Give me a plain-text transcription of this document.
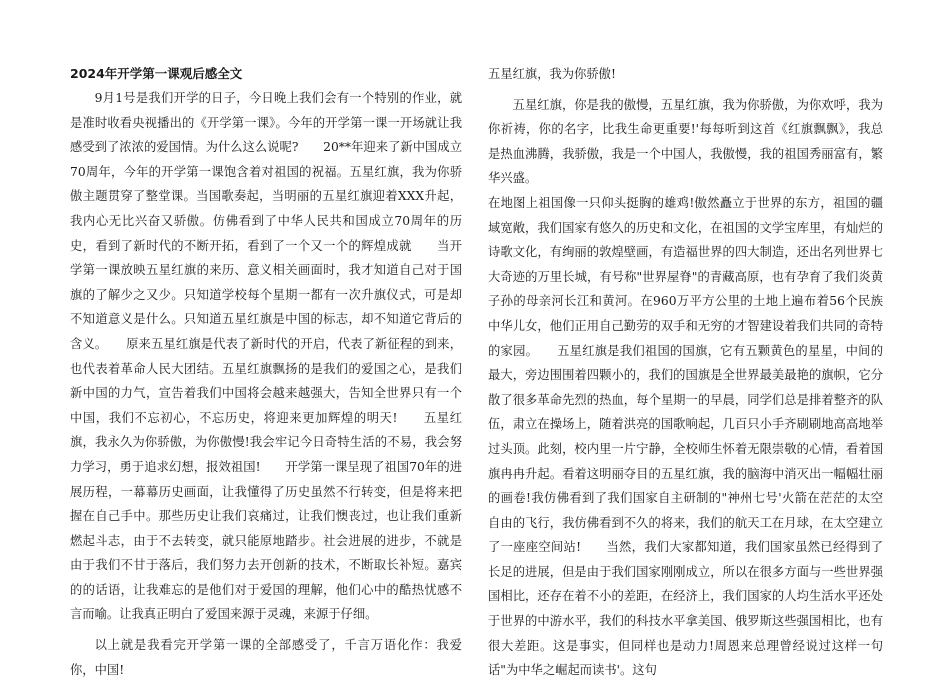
2024年开学第一课观后感全文

9月1号是我们开学的日子，今日晚上我们会有一个特别的作业，就是准时收看央视播出的《开学第一课》。今年的开学第一课一开场就让我感受到了浓浓的爱国情。为什么这么说呢?　　20**年迎来了新中国成立70周年，今年的开学第一课饱含着对祖国的祝福。五星红旗，我为你骄傲主题贯穿了整堂课。当国歌奏起，当明丽的五星红旗迎着XXX升起，我内心无比兴奋又骄傲。仿佛看到了中华人民共和国成立70周年的历史，看到了新时代的不断开拓，看到了一个又一个的辉煌成就　　当开学第一课放映五星红旗的来历、意义相关画面时，我才知道自己对于国旗的了解少之又少。只知道学校每个星期一都有一次升旗仪式，可是却不知道意义是什么。只知道五星红旗是中国的标志，却不知道它背后的含义。　　原来五星红旗是代表了新时代的开启，代表了新征程的到来，也代表着革命人民大团结。五星红旗飘扬的是我们的爱国之心，是我们新中国的力气，宣告着我们中国将会越来越强大，告知全世界只有一个中国，我们不忘初心，不忘历史，将迎来更加辉煌的明天!　　五星红旗，我永久为你骄傲，为你傲慢!我会牢记今日奇特生活的不易，我会努力学习，勇于追求幻想，报效祖国!　　开学第一课呈现了祖国70年的进展历程，一幕幕历史画面，让我懂得了历史虽然不行转变，但是将来把握在自己手中。那些历史让我们哀痛过，让我们懊丧过，也让我们重新燃起斗志，由于不去转变，就只能原地踏步。社会进展的进步，不就是由于我们不甘于落后，我们努力去开创新的技术，不断取长补短。嘉宾的的话语，让我难忘的是他们对于爱国的理解，他们心中的酷热忧感不言而喻。让我真正明白了爱国来源于灵魂，来源于仔细。

以上就是我看完开学第一课的全部感受了，千言万语化作：我爱你，中国!

五星红旗，我为你骄傲!

五星红旗，你是我的傲慢，五星红旗，我为你骄傲，为你欢呼，我为你祈祷，你的名字，比我生命更重要!'每每听到这首《红旗飘飘》，我总是热血沸腾，我骄傲，我是一个中国人，我傲慢，我的祖国秀丽富有，繁华兴盛。

在地图上祖国像一只仰头挺胸的雄鸡!傲然矗立于世界的东方，祖国的疆域宽敞，我们国家有悠久的历史和文化，在祖国的文学宝库里，有灿烂的诗歌文化，有绚丽的敦煌壁画，有造福世界的四大制造，还出名列世界七大奇迹的万里长城，有号称"世界屋脊"的青藏高原，也有孕育了我们炎黄子孙的母亲河长江和黄河。在960万平方公里的土地上遍布着56个民族中华儿女，他们正用自己勤劳的双手和无穷的才智建设着我们共同的奇特的家园。　　五星红旗是我们祖国的国旗，它有五颗黄色的星星，中间的最大，旁边围围着四颗小的，我们的国旗是全世界最美最艳的旗帜，它分散了很多革命先烈的热血，每个星期一的早晨，同学们总是排着整齐的队伍，肃立在操场上，随着洪亮的国歌响起，几百只小手齐刷刷地高高地举过头顶。此刻，校内里一片宁静，全校师生怀着无限崇敬的心情，看着国旗冉冉升起。看着这明丽夺目的五星红旗，我的脑海中消灭出一幅幅壮丽的画卷!我仿佛看到了我们国家自主研制的"神州七号'火箭在茫茫的太空自由的飞行，我仿佛看到不久的将来，我们的航天工在月球，在太空建立了一座座空间站!　　当然，我们大家都知道，我们国家虽然已经得到了长足的进展，但是由于我们国家刚刚成立，所以在很多方面与一些世界强国相比，还存在着不小的差距，在经济上，我们国家的人均生活水平还处于世界的中游水平，我们的科技水平拿美国、俄罗斯这些强国相比，也有很大差距。这是事实，但同样也是动力!周恩来总理曾经说过这样一句话"为中华之崛起而读书'。这句
